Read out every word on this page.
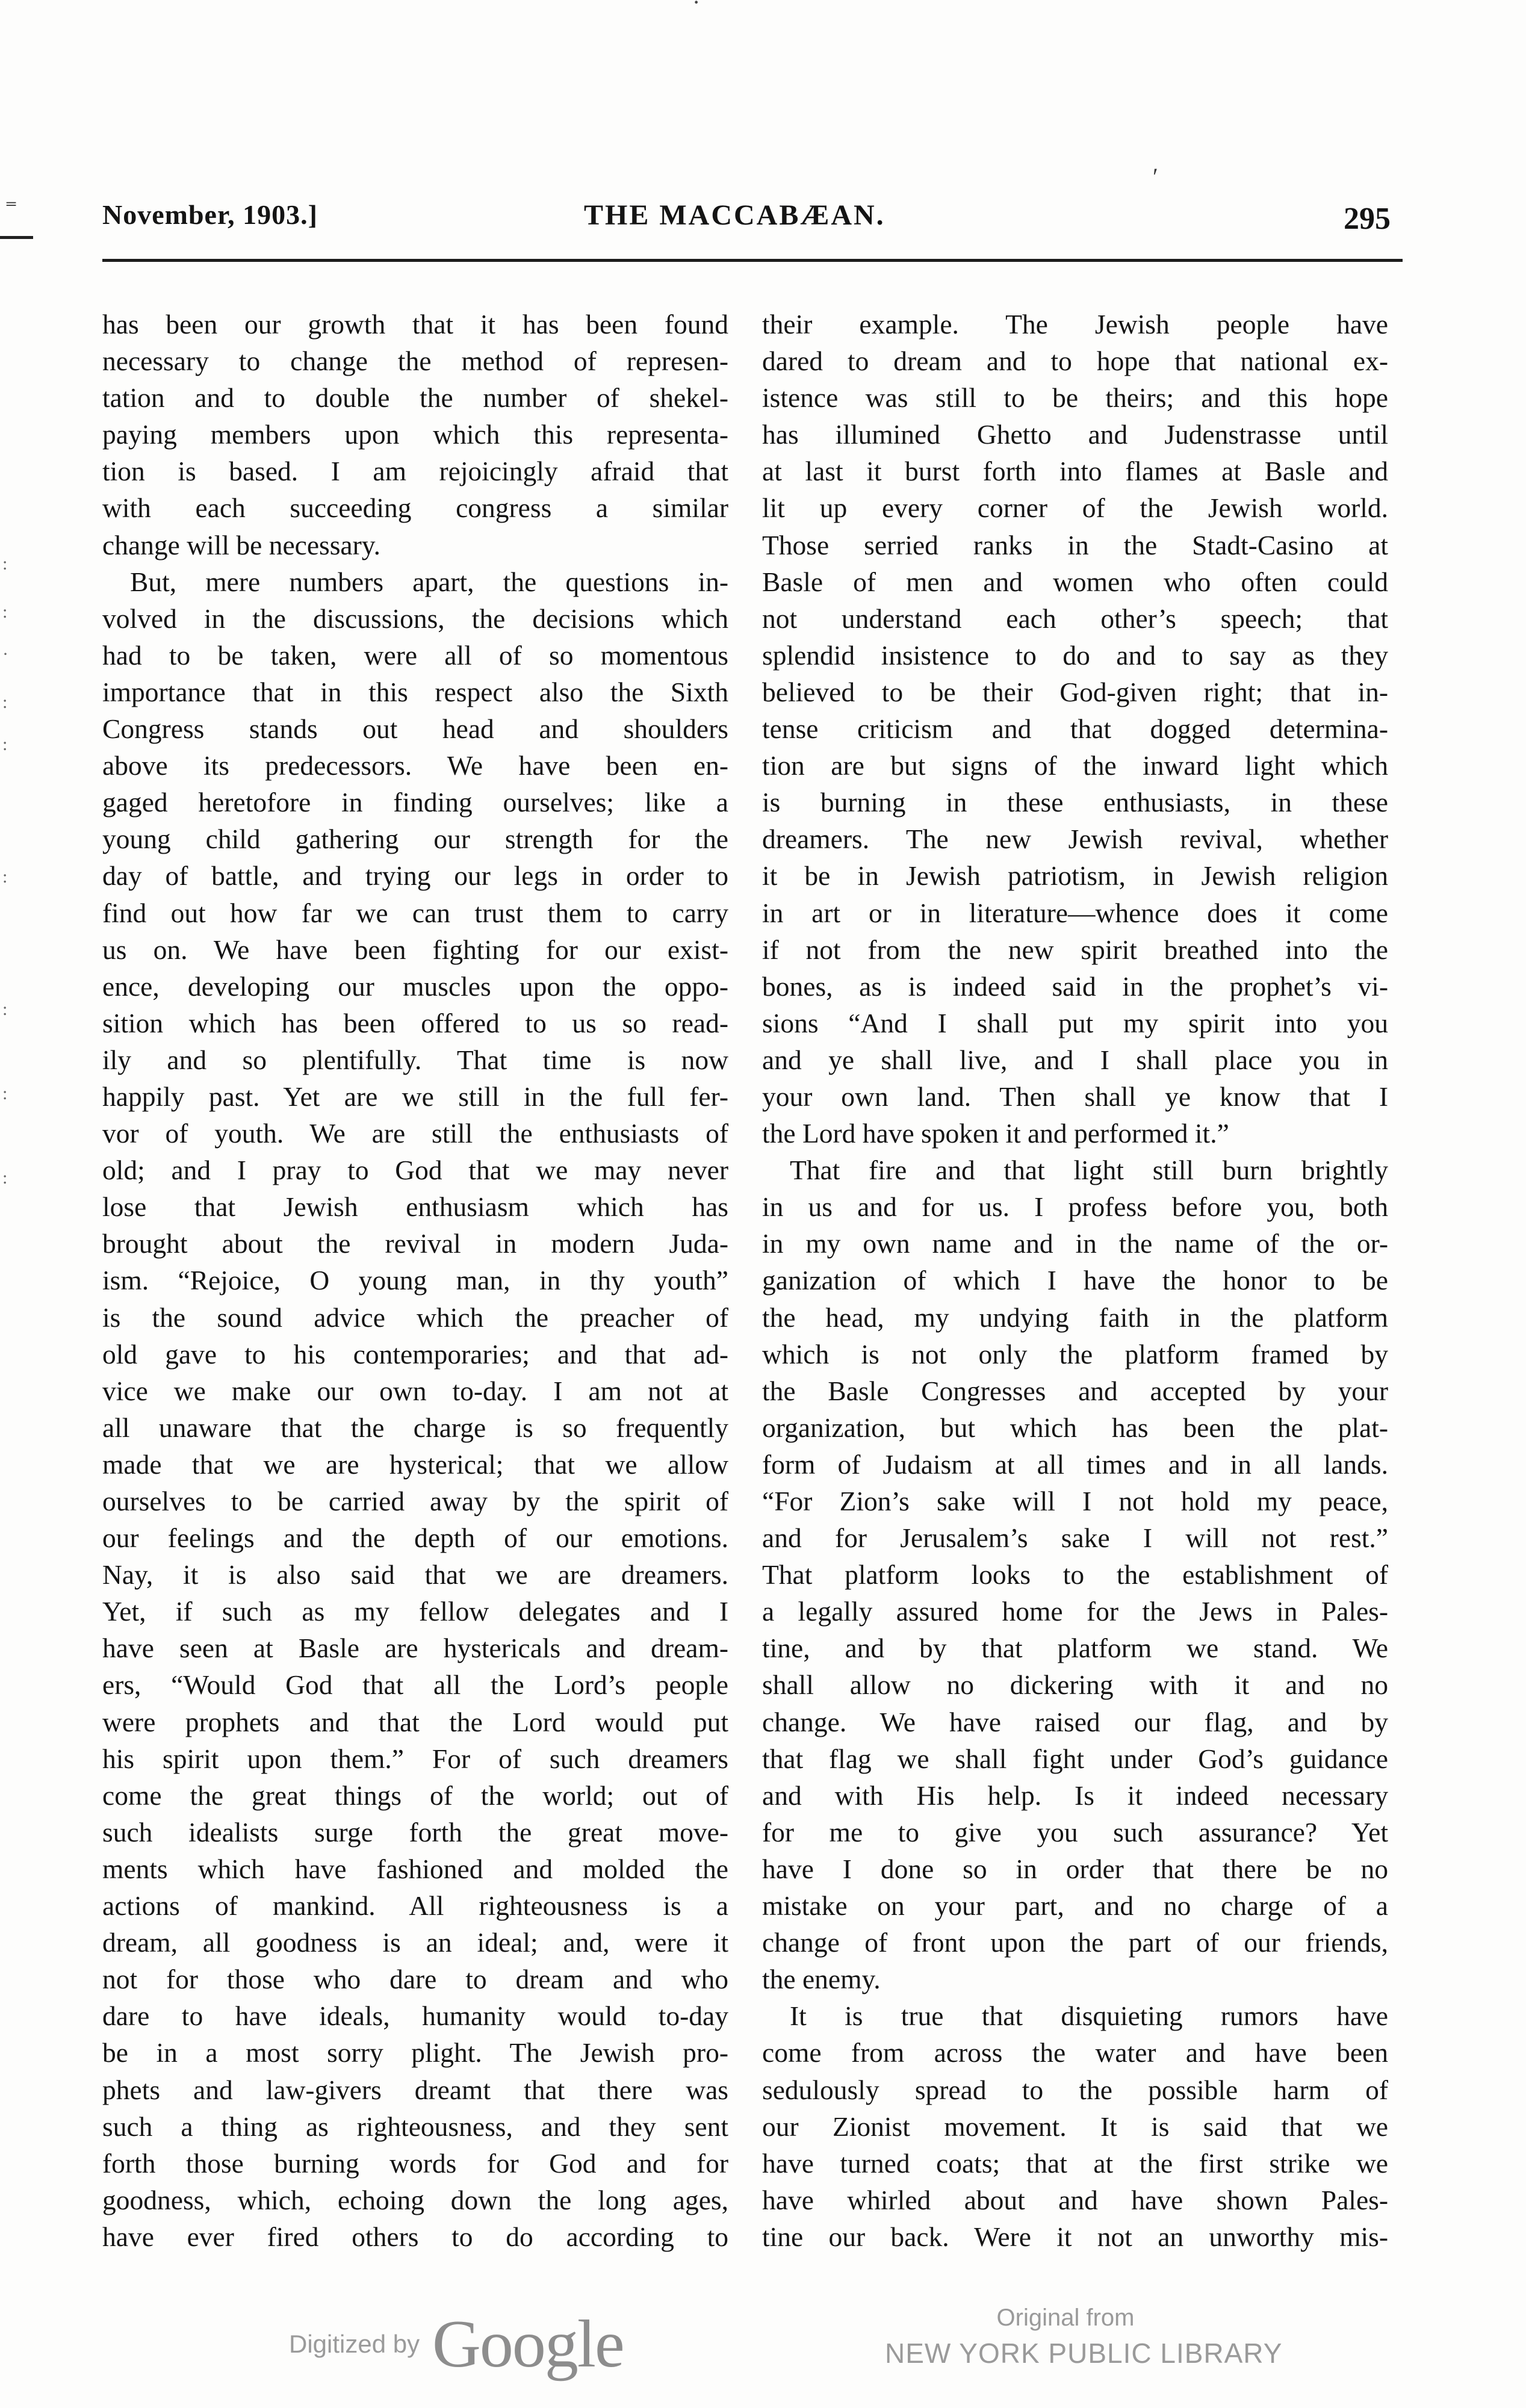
·
⁼
′
:
:
·
:
:
:
:
:
:
November, 1903.]	THE MACCABÆAN.	295
has been our growth that it has been found
necessary to change the method of represen-
tation and to double the number of shekel-
paying members upon which this representa-
tion is based. I am rejoicingly afraid that
with each succeeding congress a similar
change will be necessary.
But, mere numbers apart, the questions in-
volved in the discussions, the decisions which
had to be taken, were all of so momentous
importance that in this respect also the Sixth
Congress stands out head and shoulders
above its predecessors. We have been en-
gaged heretofore in finding ourselves; like a
young child gathering our strength for the
day of battle, and trying our legs in order to
find out how far we can trust them to carry
us on. We have been fighting for our exist-
ence, developing our muscles upon the oppo-
sition which has been offered to us so read-
ily and so plentifully. That time is now
happily past. Yet are we still in the full fer-
vor of youth. We are still the enthusiasts of
old; and I pray to God that we may never
lose that Jewish enthusiasm which has
brought about the revival in modern Juda-
ism. “Rejoice, O young man, in thy youth”
is the sound advice which the preacher of
old gave to his contemporaries; and that ad-
vice we make our own to-day. I am not at
all unaware that the charge is so frequently
made that we are hysterical; that we allow
ourselves to be carried away by the spirit of
our feelings and the depth of our emotions.
Nay, it is also said that we are dreamers.
Yet, if such as my fellow delegates and I
have seen at Basle are hystericals and dream-
ers, “Would God that all the Lord’s people
were prophets and that the Lord would put
his spirit upon them.” For of such dreamers
come the great things of the world; out of
such idealists surge forth the great move-
ments which have fashioned and molded the
actions of mankind. All righteousness is a
dream, all goodness is an ideal; and, were it
not for those who dare to dream and who
dare to have ideals, humanity would to-day
be in a most sorry plight. The Jewish pro-
phets and law-givers dreamt that there was
such a thing as righteousness, and they sent
forth those burning words for God and for
goodness, which, echoing down the long ages,
have ever fired others to do according to
their example. The Jewish people have
dared to dream and to hope that national ex-
istence was still to be theirs; and this hope
has illumined Ghetto and Judenstrasse until
at last it burst forth into flames at Basle and
lit up every corner of the Jewish world.
Those serried ranks in the Stadt-Casino at
Basle of men and women who often could
not understand each other’s speech; that
splendid insistence to do and to say as they
believed to be their God-given right; that in-
tense criticism and that dogged determina-
tion are but signs of the inward light which
is burning in these enthusiasts, in these
dreamers. The new Jewish revival, whether
it be in Jewish patriotism, in Jewish religion
in art or in literature—whence does it come
if not from the new spirit breathed into the
bones, as is indeed said in the prophet’s vi-
sions “And I shall put my spirit into you
and ye shall live, and I shall place you in
your own land. Then shall ye know that I
the Lord have spoken it and performed it.”
That fire and that light still burn brightly
in us and for us. I profess before you, both
in my own name and in the name of the or-
ganization of which I have the honor to be
the head, my undying faith in the platform
which is not only the platform framed by
the Basle Congresses and accepted by your
organization, but which has been the plat-
form of Judaism at all times and in all lands.
“For Zion’s sake will I not hold my peace,
and for Jerusalem’s sake I will not rest.”
That platform looks to the establishment of
a legally assured home for the Jews in Pales-
tine, and by that platform we stand. We
shall allow no dickering with it and no
change. We have raised our flag, and by
that flag we shall fight under God’s guidance
and with His help. Is it indeed necessary
for me to give you such assurance? Yet
have I done so in order that there be no
mistake on your part, and no charge of a
change of front upon the part of our friends,
the enemy.
It is true that disquieting rumors have
come from across the water and have been
sedulously spread to the possible harm of
our Zionist movement. It is said that we
have turned coats; that at the first strike we
have whirled about and have shown Pales-
tine our back. Were it not an unworthy mis-
Digitized by Google	Original from
NEW YORK PUBLIC LIBRARY
